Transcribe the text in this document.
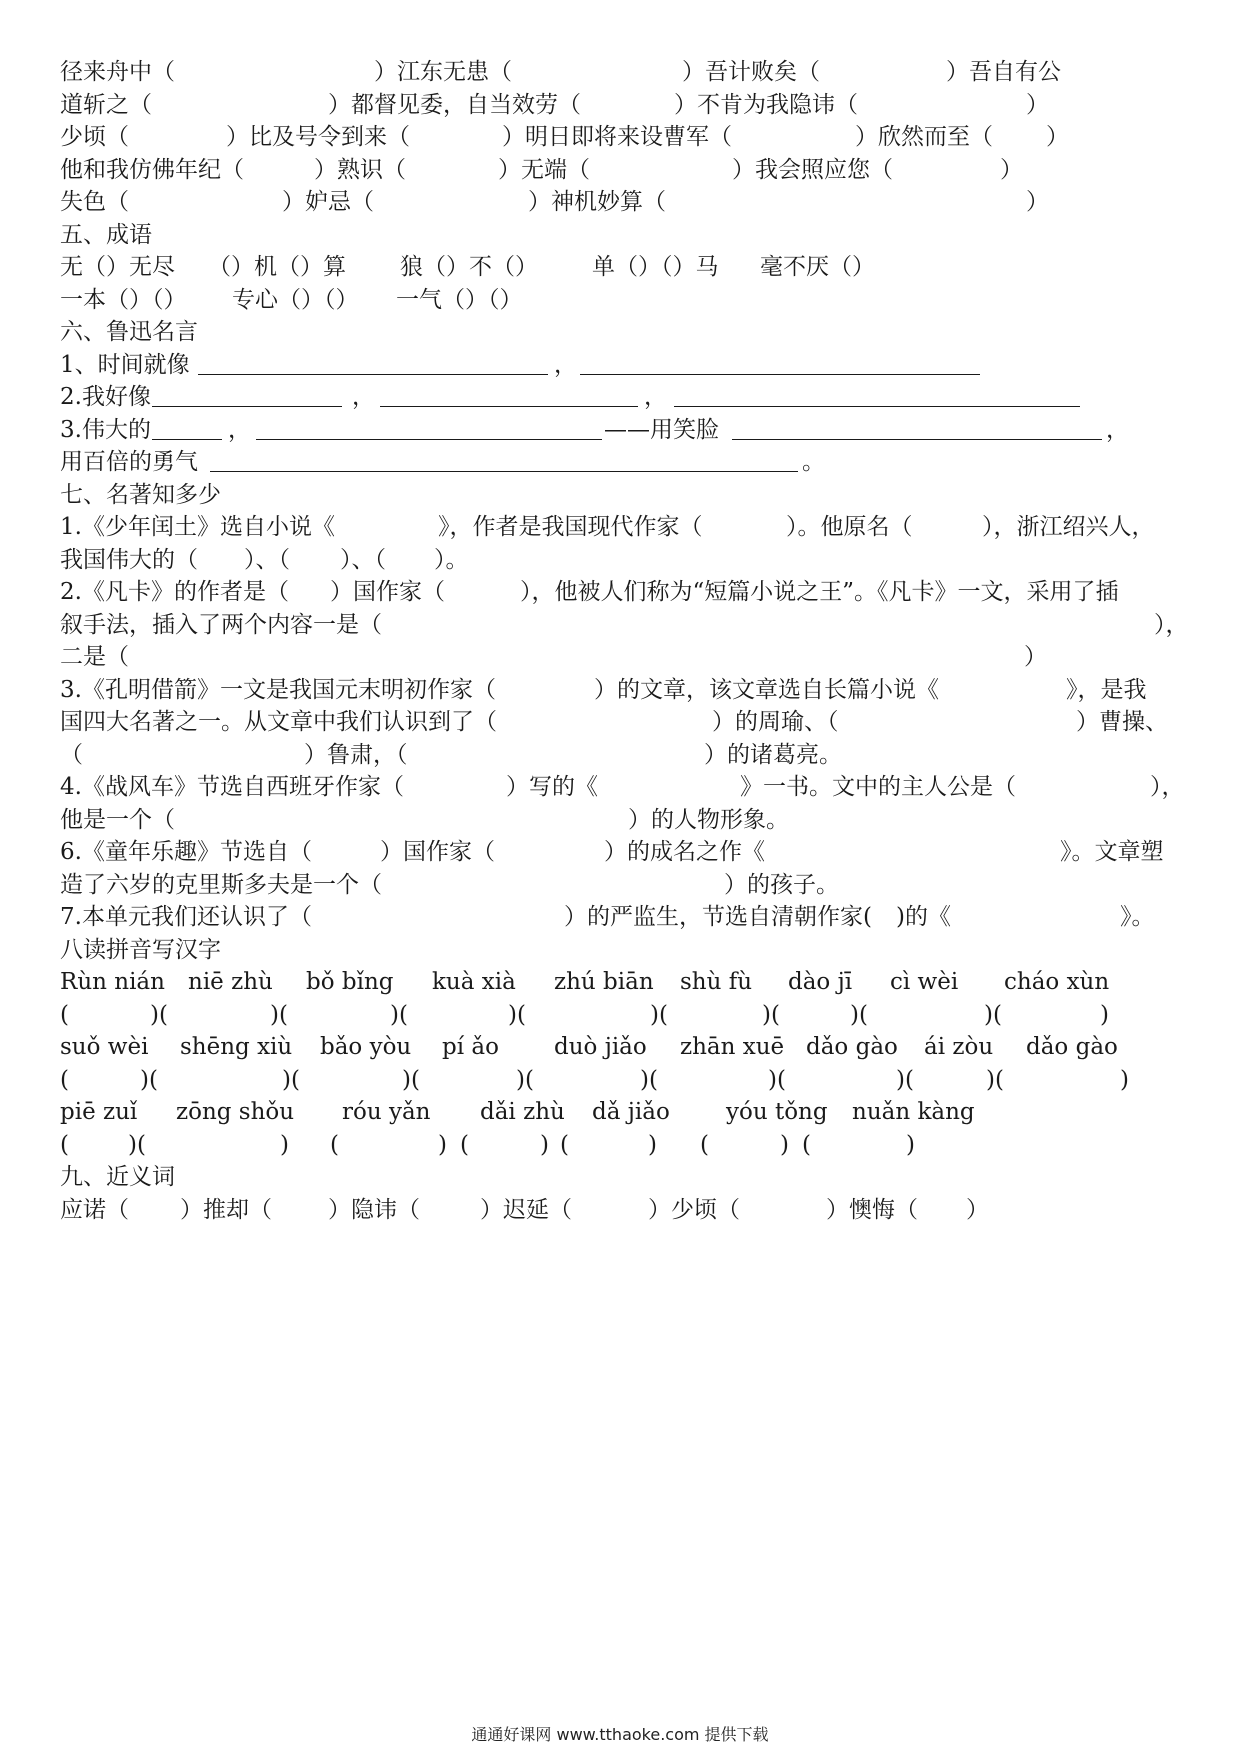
径来舟中（	）江东无患（	）吾计败矣（	）吾自有公
道斩之（	）都督见委，自当效劳（	）不肯为我隐讳（	）
少顷（	）比及号令到来（	）明日即将来设曹军（	）欣然而至（ ）
他和我仿佛年纪（	）熟识（	）无端（	）我会照应您（	）
失色（	）妒忌（	）神机妙算（	）
五、成语
无（）无尽 （）机（）算 狼（）不（） 单（）（）马 毫不厌（）
一本（）（） 专心（）（） 一气（）（）
六、鲁迅名言
1、时间就像	，
2.我好像	，	，
3.伟大的	，	——用笑脸	，
用百倍的勇气	。
七、名著知多少
1.《少年闰土》选自小说《	》，作者是我国现代作家（	）。他原名（	），浙江绍兴人，
我国伟大的（ ）、（ ）、（ ）。
2.《凡卡》的作者是（ ）国作家（	），他被人们称为“短篇小说之王”。《凡卡》一文，采用了插
叙手法，插入了两个内容一是（	），
二是（	）
3.《孔明借箭》一文是我国元末明初作家（	）的文章，该文章选自长篇小说《	》，是我
国四大名著之一。从文章中我们认识到了（	）的周瑜、（	）曹操、
（	）鲁肃，（	）的诸葛亮。
4.《战风车》节选自西班牙作家（	）写的《	》一书。文中的主人公是（	），
他是一个（	）的人物形象。
6.《童年乐趣》节选自（	）国作家（	）的成名之作《	》。文章塑
造了六岁的克里斯多夫是一个（	）的孩子。
7.本单元我们还认识了（	）的严监生，节选自清朝作家( )的《	》。
八读拼音写汉字
Rùn nián niē zhù bǒ bǐng kuà xià zhú biān shù fù dào jī cì wèi cháo xùn
(	)(	)(	)(	)(	)(	)(	)(	)(	)
suǒ wèi shēng xiù bǎo yòu pí ǎo duò jiǎo zhān xuē dǎo gào ái zòu dǎo gào
(	)(	)(	)(	)(	)(	)(	)(	)(	)
piē zuǐ zōng shǒu róu yǎn dǎi zhù dǎ jiǎo yóu tǒng nuǎn kàng
(	)(	) (	) (	) (	) (	) (	)
九、近义词
应诺（ ）推却（ ）隐讳（	）迟延（	）少顷（	）懊悔（ ）
通通好课网 www.tthaoke.com 提供下载
